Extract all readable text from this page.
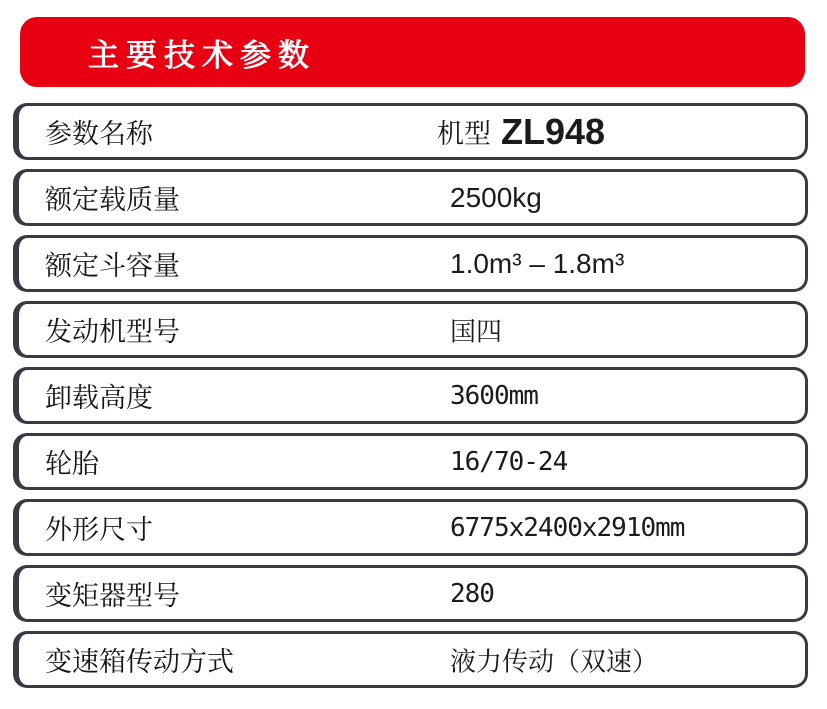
主要技术参数
参数名称	机型 ZL948
额定载质量	2500kg
额定斗容量	1.0m³ – 1.8m³
发动机型号	国四
卸载高度	3600mm
轮胎	16/70-24
外形尺寸	6775x2400x2910mm
变矩器型号	280
变速箱传动方式	液力传动（双速）
